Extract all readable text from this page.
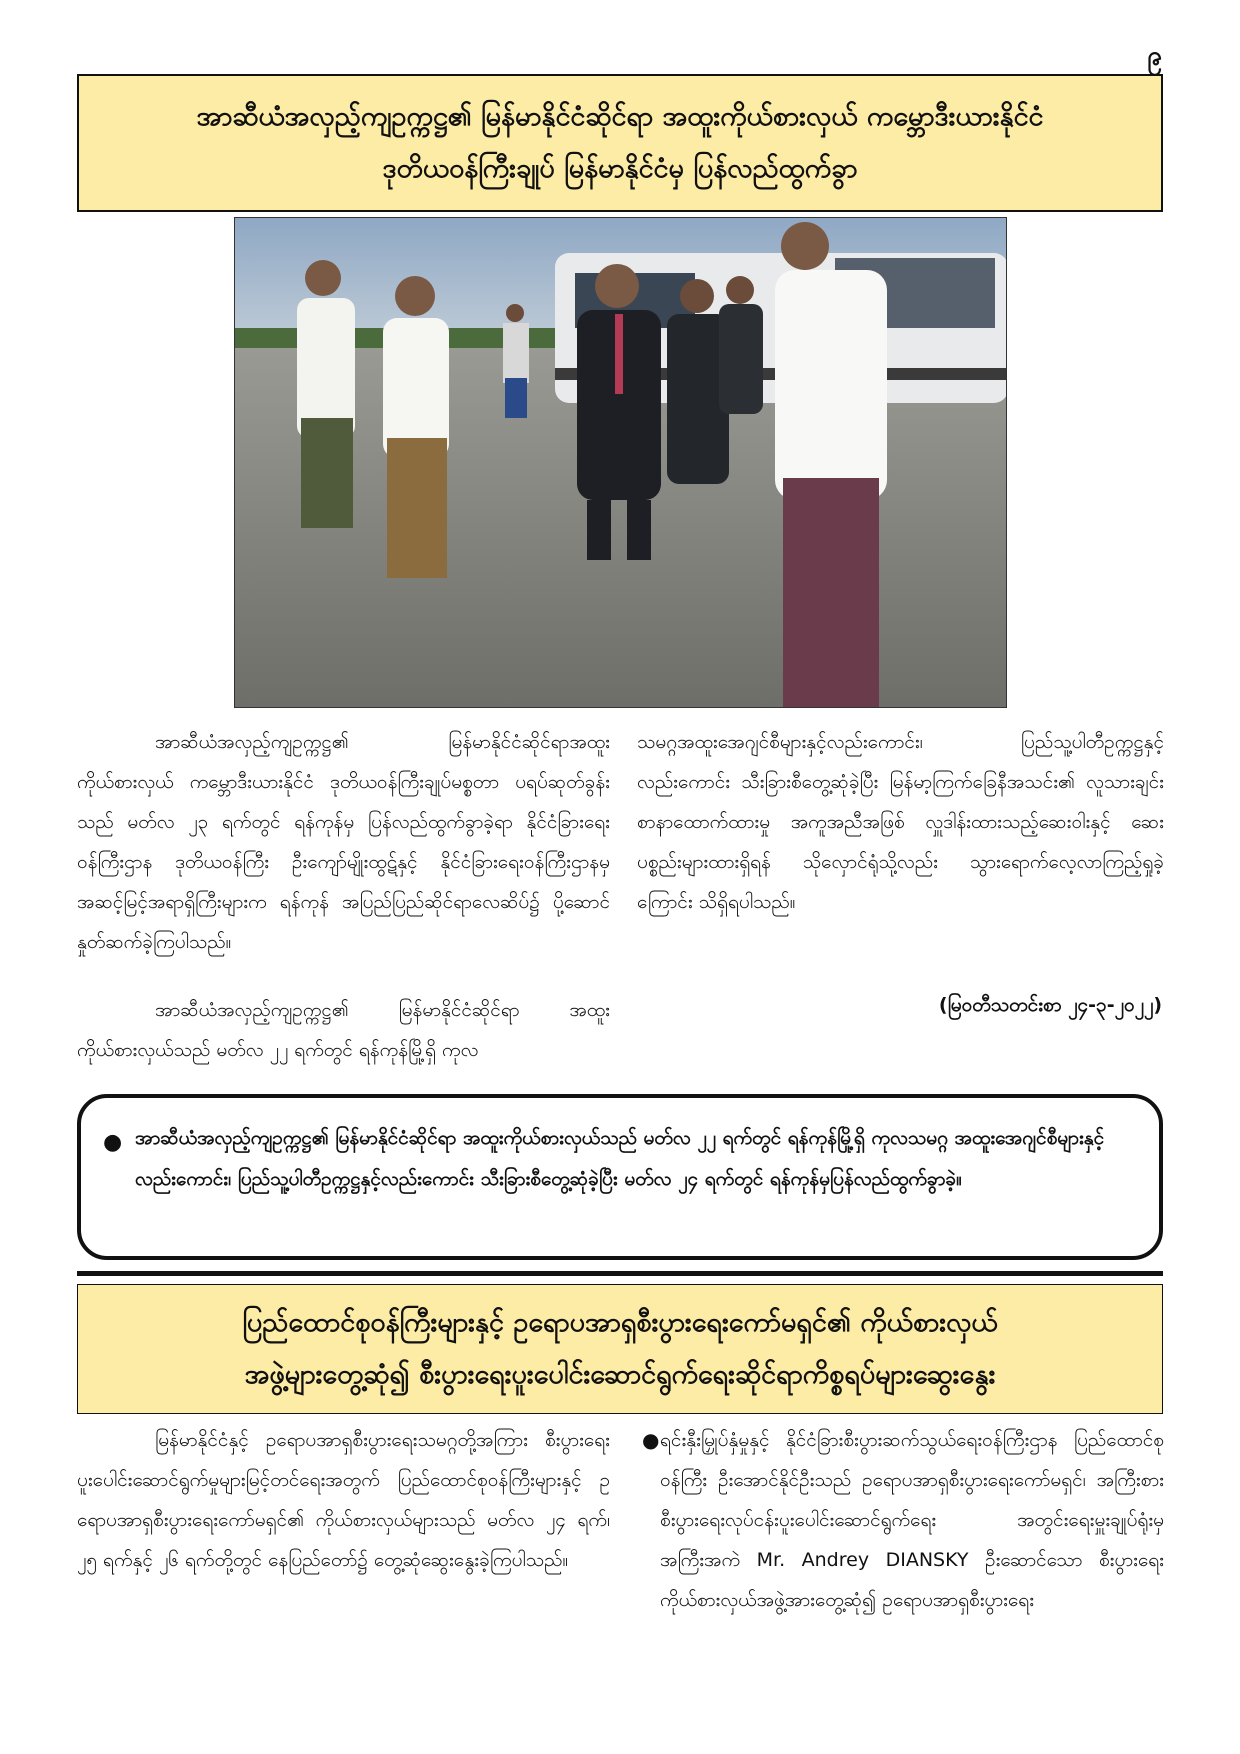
၉
အာဆီယံအလှည့်ကျဥက္ကဋ္ဌ၏ မြန်မာနိုင်ငံဆိုင်ရာ အထူးကိုယ်စားလှယ် ကမ္ဘောဒီးယားနိုင်ငံ
ဒုတိယဝန်ကြီးချုပ် မြန်မာနိုင်ငံမှ ပြန်လည်ထွက်ခွာ

အာဆီယံအလှည့်ကျဥက္ကဋ္ဌ၏ မြန်မာနိုင်ငံဆိုင်ရာအထူး ကိုယ်စားလှယ် ကမ္ဘောဒီးယားနိုင်ငံ ဒုတိယဝန်ကြီးချုပ်မစ္စတာ ပရပ်ဆုတ်ခွန်းသည် မတ်လ ၂၃ ရက်တွင် ရန်ကုန်မှ ပြန်လည်ထွက်ခွာခဲ့ရာ နိုင်ငံခြားရေးဝန်ကြီးဌာန ဒုတိယဝန်ကြီး ဦးကျော်မျိုးထွဋ်နှင့် နိုင်ငံခြားရေးဝန်ကြီးဌာနမှ အဆင့်မြင့်အရာရှိကြီးများက ရန်ကုန် အပြည်ပြည်ဆိုင်ရာလေဆိပ်၌ ပို့ဆောင်နှုတ်ဆက်ခဲ့ကြပါသည်။

အာဆီယံအလှည့်ကျဥက္ကဋ္ဌ၏ မြန်မာနိုင်ငံဆိုင်ရာ အထူး ကိုယ်စားလှယ်သည် မတ်လ ၂၂ ရက်တွင် ရန်ကုန်မြို့ရှိ ကုလ

သမဂ္ဂအထူးအေဂျင်စီများနှင့်လည်းကောင်း၊ ပြည်သူ့ပါတီဥက္ကဋ္ဌနှင့်လည်းကောင်း သီးခြားစီတွေ့ဆုံခဲ့ပြီး မြန်မာ့ကြက်ခြေနီအသင်း၏ လူသားချင်းစာနာထောက်ထားမှု အကူအညီအဖြစ် လှူဒါန်းထားသည့်ဆေးဝါးနှင့် ဆေးပစ္စည်းများထားရှိရန် သိုလှောင်ရုံသို့လည်း သွားရောက်လေ့လာကြည့်ရှုခဲ့ကြောင်း သိရှိရပါသည်။

(မြဝတီသတင်းစာ ၂၄-၃-၂၀၂၂)
● အာဆီယံအလှည့်ကျဥက္ကဋ္ဌ၏ မြန်မာနိုင်ငံဆိုင်ရာ အထူးကိုယ်စားလှယ်သည် မတ်လ ၂၂ ရက်တွင် ရန်ကုန်မြို့ရှိ ကုလသမဂ္ဂ အထူးအေဂျင်စီများနှင့်လည်းကောင်း၊ ပြည်သူ့ပါတီဥက္ကဋ္ဌနှင့်လည်းကောင်း သီးခြားစီတွေ့ဆုံခဲ့ပြီး မတ်လ ၂၄ ရက်တွင် ရန်ကုန်မှပြန်လည်ထွက်ခွာခဲ့။
ပြည်ထောင်စုဝန်ကြီးများနှင့် ဥရောပအာရှစီးပွားရေးကော်မရှင်၏ ကိုယ်စားလှယ်
အဖွဲ့များတွေ့ဆုံ၍ စီးပွားရေးပူးပေါင်းဆောင်ရွက်ရေးဆိုင်ရာကိစ္စရပ်များဆွေးနွေး

မြန်မာနိုင်ငံနှင့် ဥရောပအာရှစီးပွားရေးသမဂ္ဂတို့အကြား စီးပွားရေးပူးပေါင်းဆောင်ရွက်မှုများမြင့်တင်ရေးအတွက် ပြည်ထောင်စုဝန်ကြီးများနှင့် ဥရောပအာရှစီးပွားရေးကော်မရှင်၏ ကိုယ်စားလှယ်များသည် မတ်လ ၂၄ ရက်၊ ၂၅ ရက်နှင့် ၂၆ ရက်တို့တွင် နေပြည်တော်၌ တွေ့ဆုံဆွေးနွေးခဲ့ကြပါသည်။

● ရင်းနှီးမြှုပ်နှံမှုနှင့် နိုင်ငံခြားစီးပွားဆက်သွယ်ရေးဝန်ကြီးဌာန ပြည်ထောင်စုဝန်ကြီး ဦးအောင်နိုင်ဦးသည် ဥရောပအာရှစီးပွားရေးကော်မရှင်၊ အကြီးစားစီးပွားရေးလုပ်ငန်းပူးပေါင်းဆောင်ရွက်ရေး အတွင်းရေးမှူးချုပ်ရုံးမှ အကြီးအကဲ Mr. Andrey DIANSKY ဦးဆောင်သော စီးပွားရေးကိုယ်စားလှယ်အဖွဲ့အားတွေ့ဆုံ၍ ဥရောပအာရှစီးပွားရေး
